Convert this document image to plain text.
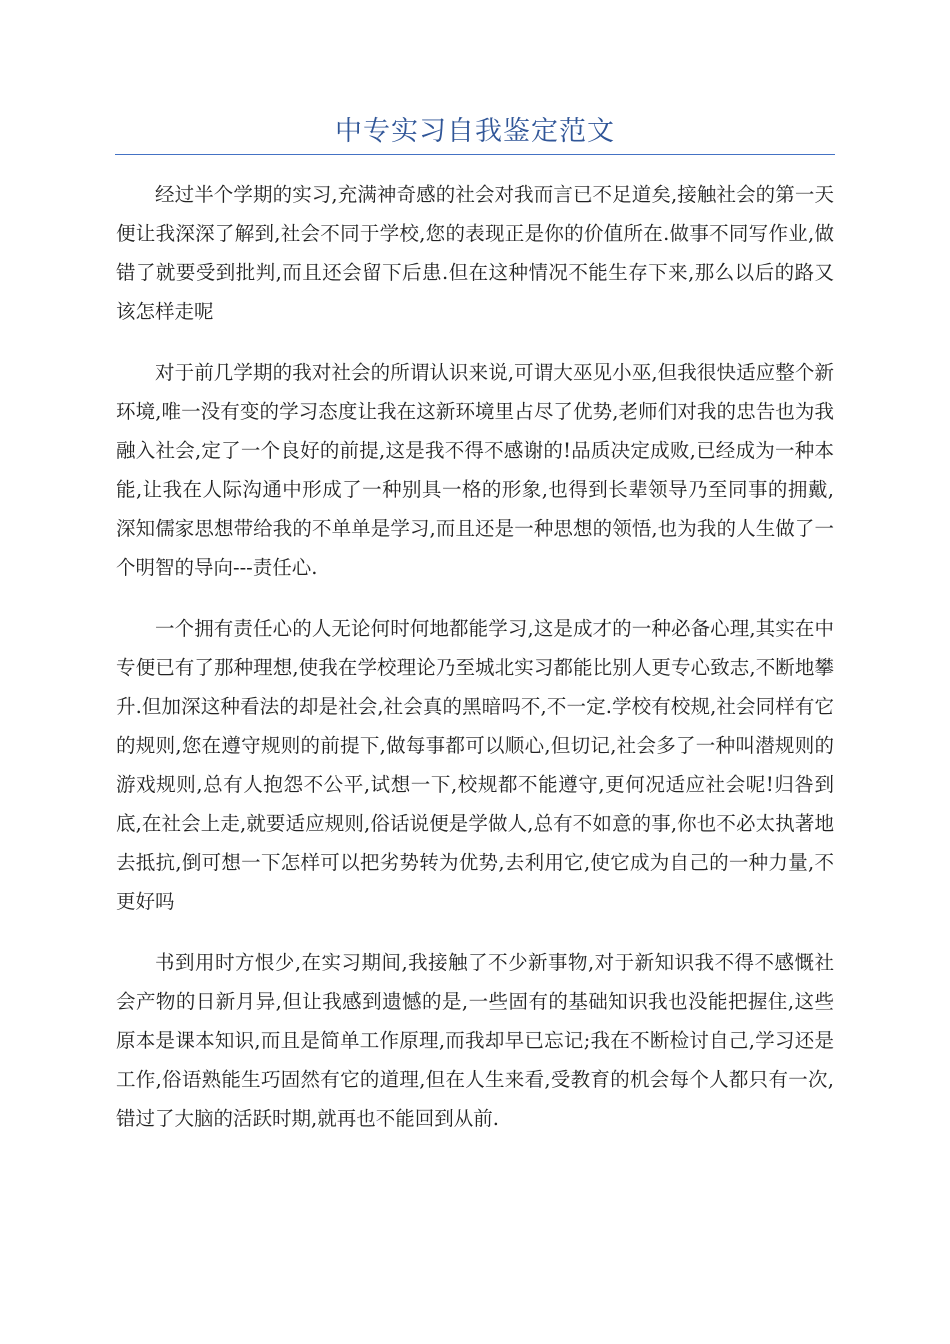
中专实习自我鉴定范文

经过半个学期的实习,充满神奇感的社会对我而言已不足道矣,接触社会的第一天便让我深深了解到,社会不同于学校,您的表现正是你的价值所在.做事不同写作业,做错了就要受到批判,而且还会留下后患.但在这种情况不能生存下来,那么以后的路又该怎样走呢

对于前几学期的我对社会的所谓认识来说,可谓大巫见小巫,但我很快适应整个新环境,唯一没有变的学习态度让我在这新环境里占尽了优势,老师们对我的忠告也为我融入社会,定了一个良好的前提,这是我不得不感谢的!品质决定成败,已经成为一种本能,让我在人际沟通中形成了一种别具一格的形象,也得到长辈领导乃至同事的拥戴,深知儒家思想带给我的不单单是学习,而且还是一种思想的领悟,也为我的人生做了一个明智的导向---责任心.

一个拥有责任心的人无论何时何地都能学习,这是成才的一种必备心理,其实在中专便已有了那种理想,使我在学校理论乃至城北实习都能比别人更专心致志,不断地攀升.但加深这种看法的却是社会,社会真的黑暗吗不,不一定.学校有校规,社会同样有它的规则,您在遵守规则的前提下,做每事都可以顺心,但切记,社会多了一种叫潜规则的游戏规则,总有人抱怨不公平,试想一下,校规都不能遵守,更何况适应社会呢!归咎到底,在社会上走,就要适应规则,俗话说便是学做人,总有不如意的事,你也不必太执著地去抵抗,倒可想一下怎样可以把劣势转为优势,去利用它,使它成为自己的一种力量,不更好吗

书到用时方恨少,在实习期间,我接触了不少新事物,对于新知识我不得不感慨社会产物的日新月异,但让我感到遗憾的是,一些固有的基础知识我也没能把握住,这些原本是课本知识,而且是简单工作原理,而我却早已忘记;我在不断检讨自己,学习还是工作,俗语熟能生巧固然有它的道理,但在人生来看,受教育的机会每个人都只有一次,错过了大脑的活跃时期,就再也不能回到从前.
